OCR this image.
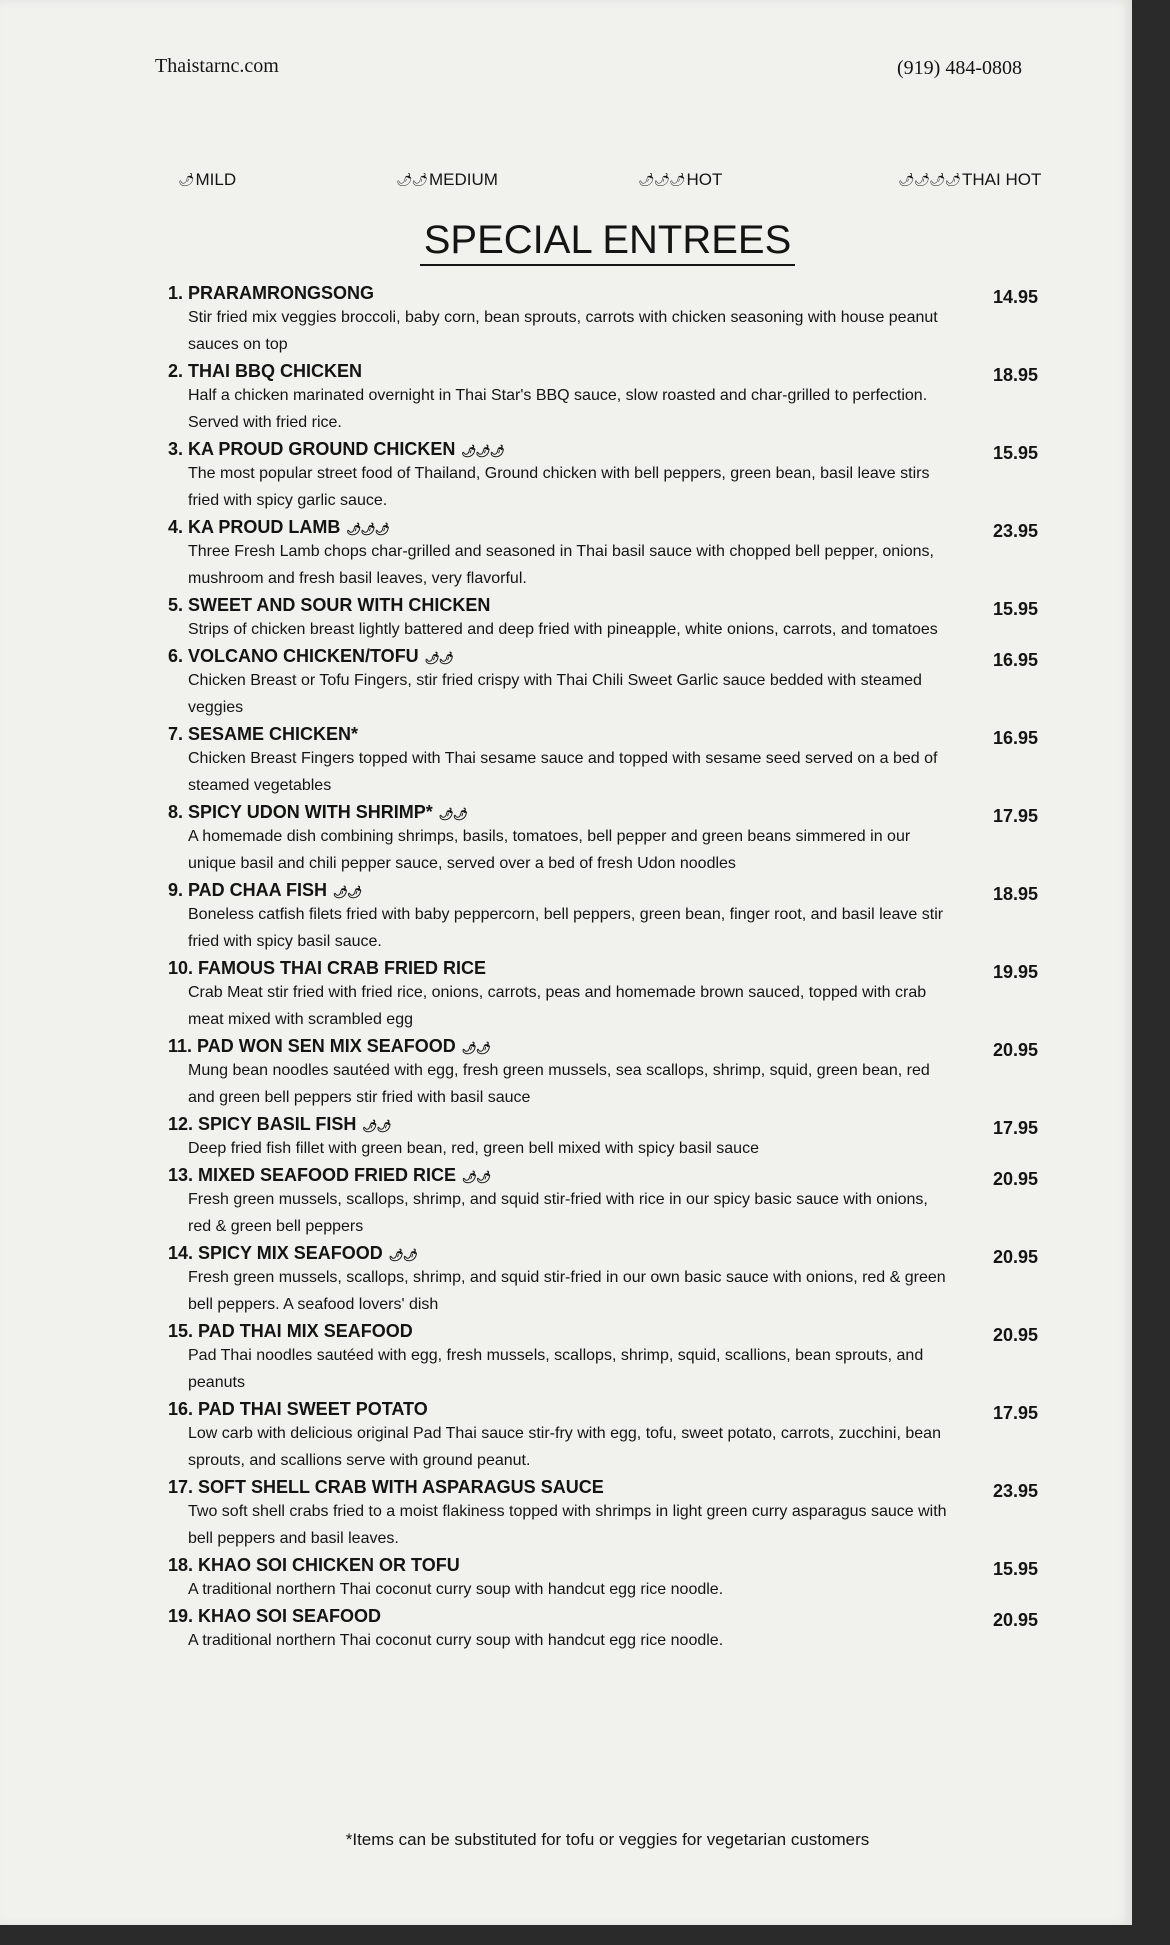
Thaistarnc.com	(919) 484-0808
🌶 MILD	🌶🌶 MEDIUM	🌶🌶🌶 HOT	🌶🌶🌶🌶 THAI HOT
SPECIAL ENTREES
1. PRARAMRONGSONG	14.95
Stir fried mix veggies broccoli, baby corn, bean sprouts, carrots with chicken seasoning with house peanut sauces on top
2. THAI BBQ CHICKEN	18.95
Half a chicken marinated overnight in Thai Star's BBQ sauce, slow roasted and char-grilled to perfection. Served with fried rice.
3. KA PROUD GROUND CHICKEN 🌶🌶🌶	15.95
The most popular street food of Thailand, Ground chicken with bell peppers, green bean, basil leave stirs fried with spicy garlic sauce.
4. KA PROUD LAMB 🌶🌶🌶	23.95
Three Fresh Lamb chops char-grilled and seasoned in Thai basil sauce with chopped bell pepper, onions, mushroom and fresh basil leaves, very flavorful.
5. SWEET AND SOUR WITH CHICKEN	15.95
Strips of chicken breast lightly battered and deep fried with pineapple, white onions, carrots, and tomatoes
6. VOLCANO CHICKEN/TOFU 🌶🌶	16.95
Chicken Breast or Tofu Fingers, stir fried crispy with Thai Chili Sweet Garlic sauce bedded with steamed veggies
7. SESAME CHICKEN*	16.95
Chicken Breast Fingers topped with Thai sesame sauce and topped with sesame seed served on a bed of steamed vegetables
8. SPICY UDON WITH SHRIMP* 🌶🌶	17.95
A homemade dish combining shrimps, basils, tomatoes, bell pepper and green beans simmered in our unique basil and chili pepper sauce, served over a bed of fresh Udon noodles
9. PAD CHAA FISH 🌶🌶	18.95
Boneless catfish filets fried with baby peppercorn, bell peppers, green bean, finger root, and basil leave stir fried with spicy basil sauce.
10. FAMOUS THAI CRAB FRIED RICE	19.95
Crab Meat stir fried with fried rice, onions, carrots, peas and homemade brown sauced, topped with crab meat mixed with scrambled egg
11. PAD WON SEN MIX SEAFOOD 🌶🌶	20.95
Mung bean noodles sautéed with egg, fresh green mussels, sea scallops, shrimp, squid, green bean, red and green bell peppers stir fried with basil sauce
12. SPICY BASIL FISH 🌶🌶	17.95
Deep fried fish fillet with green bean, red, green bell mixed with spicy basil sauce
13. MIXED SEAFOOD FRIED RICE 🌶🌶	20.95
Fresh green mussels, scallops, shrimp, and squid stir-fried with rice in our spicy basic sauce with onions, red & green bell peppers
14. SPICY MIX SEAFOOD 🌶🌶	20.95
Fresh green mussels, scallops, shrimp, and squid stir-fried in our own basic sauce with onions, red & green bell peppers. A seafood lovers' dish
15. PAD THAI MIX SEAFOOD	20.95
Pad Thai noodles sautéed with egg, fresh mussels, scallops, shrimp, squid, scallions, bean sprouts, and peanuts
16. PAD THAI SWEET POTATO	17.95
Low carb with delicious original Pad Thai sauce stir-fry with egg, tofu, sweet potato, carrots, zucchini, bean sprouts, and scallions serve with ground peanut.
17. SOFT SHELL CRAB WITH ASPARAGUS SAUCE	23.95
Two soft shell crabs fried to a moist flakiness topped with shrimps in light green curry asparagus sauce with bell peppers and basil leaves.
18. KHAO SOI CHICKEN OR TOFU	15.95
A traditional northern Thai coconut curry soup with handcut egg rice noodle.
19. KHAO SOI SEAFOOD	20.95
A traditional northern Thai coconut curry soup with handcut egg rice noodle.
*Items can be substituted for tofu or veggies for vegetarian customers
